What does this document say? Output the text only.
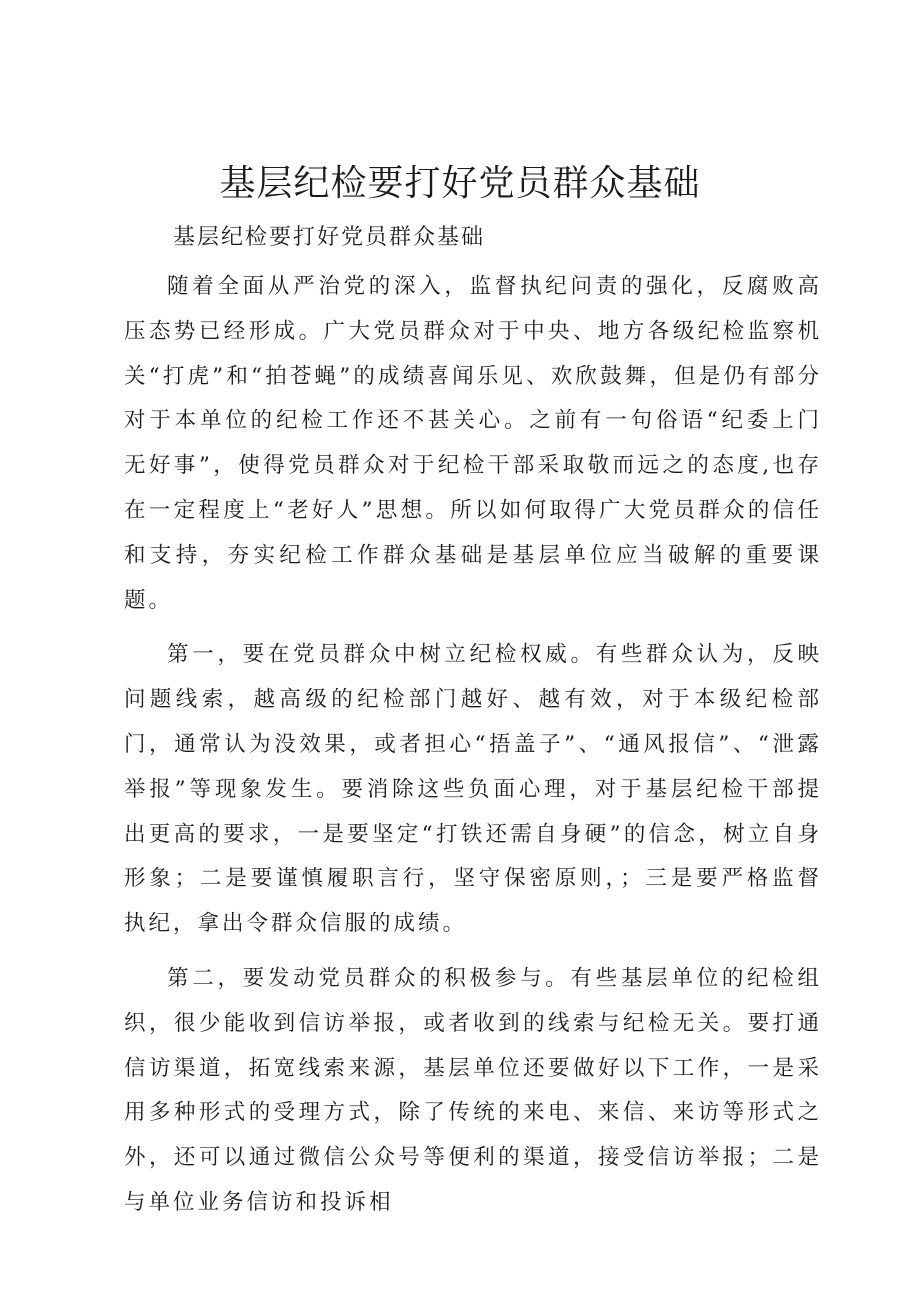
基层纪检要打好党员群众基础
基层纪检要打好党员群众基础

随着全面从严治党的深入，监督执纪问责的强化，反腐败高压态势已经形成。广大党员群众对于中央、地方各级纪检监察机关“打虎”和“拍苍蝇”的成绩喜闻乐见、欢欣鼓舞，但是仍有部分对于本单位的纪检工作还不甚关心。之前有一句俗语“纪委上门无好事”，使得党员群众对于纪检干部采取敬而远之的态度,也存在一定程度上“老好人”思想。所以如何取得广大党员群众的信任和支持，夯实纪检工作群众基础是基层单位应当破解的重要课题。

第一，要在党员群众中树立纪检权威。有些群众认为，反映问题线索，越高级的纪检部门越好、越有效，对于本级纪检部门，通常认为没效果，或者担心“捂盖子”、“通风报信”、“泄露举报”等现象发生。要消除这些负面心理，对于基层纪检干部提出更高的要求，一是要坚定“打铁还需自身硬”的信念，树立自身形象；二是要谨慎履职言行，坚守保密原则，；三是要严格监督执纪，拿出令群众信服的成绩。

第二，要发动党员群众的积极参与。有些基层单位的纪检组织，很少能收到信访举报，或者收到的线索与纪检无关。要打通信访渠道，拓宽线索来源，基层单位还要做好以下工作，一是采用多种形式的受理方式，除了传统的来电、来信、来访等形式之外，还可以通过微信公众号等便利的渠道，接受信访举报；二是与单位业务信访和投诉相
